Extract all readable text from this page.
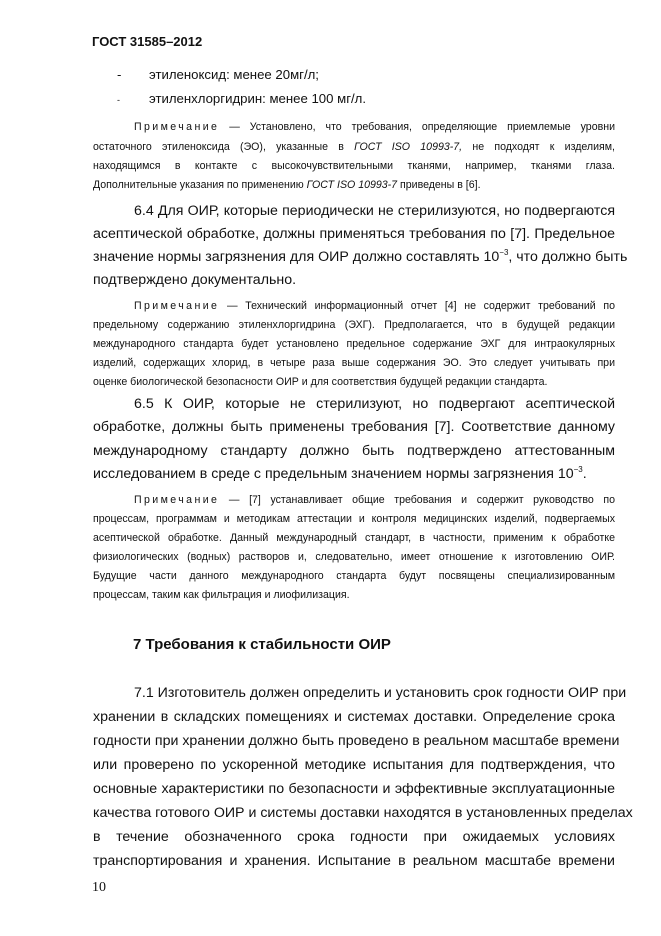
ГОСТ 31585–2012
- этиленоксид: менее 20мг/л;
- этиленхлоргидрин: менее 100 мг/л.
Примечание — Установлено, что требования, определяющие приемлемые уровни
остаточного этиленоксида (ЭО), указанные в ГОСТ ISO 10993-7, не подходят к изделиям,
находящимся в контакте с высокочувствительными тканями, например, тканями глаза.
Дополнительные указания по применению ГОСТ ISO 10993-7 приведены в [6].
6.4 Для ОИР, которые периодически не стерилизуются, но подвергаются
асептической обработке, должны применяться требования по [7]. Предельное
значение нормы загрязнения для ОИР должно составлять $10^{-3}$, что должно быть
подтверждено документально.
Примечание — Технический информационный отчет [4] не содержит требований по
предельному содержанию этиленхлоргидрина (ЭХГ). Предполагается, что в будущей редакции
международного стандарта будет установлено предельное содержание ЭХГ для интраокулярных
изделий, содержащих хлорид, в четыре раза выше содержания ЭО. Это следует учитывать при
оценке биологической безопасности ОИР и для соответствия будущей редакции стандарта.
6.5 К ОИР, которые не стерилизуют, но подвергают асептической
обработке, должны быть применены требования [7]. Соответствие данному
международному стандарту должно быть подтверждено аттестованным
исследованием в среде с предельным значением нормы загрязнения $10^{-3}$.
Примечание — [7] устанавливает общие требования и содержит руководство по
процессам, программам и методикам аттестации и контроля медицинских изделий, подвергаемых
асептической обработке. Данный международный стандарт, в частности, применим к обработке
физиологических (водных) растворов и, следовательно, имеет отношение к изготовлению ОИР.
Будущие части данного международного стандарта будут посвящены специализированным
процессам, таким как фильтрация и лиофилизация.
7 Требования к стабильности ОИР
7.1 Изготовитель должен определить и установить срок годности ОИР при
хранении в складских помещениях и системах доставки. Определение срока
годности при хранении должно быть проведено в реальном масштабе времени
или проверено по ускоренной методике испытания для подтверждения, что
основные характеристики по безопасности и эффективные эксплуатационные
качества готового ОИР и системы доставки находятся в установленных пределах
в течение обозначенного срока годности при ожидаемых условиях
транспортирования и хранения. Испытание в реальном масштабе времени
10
